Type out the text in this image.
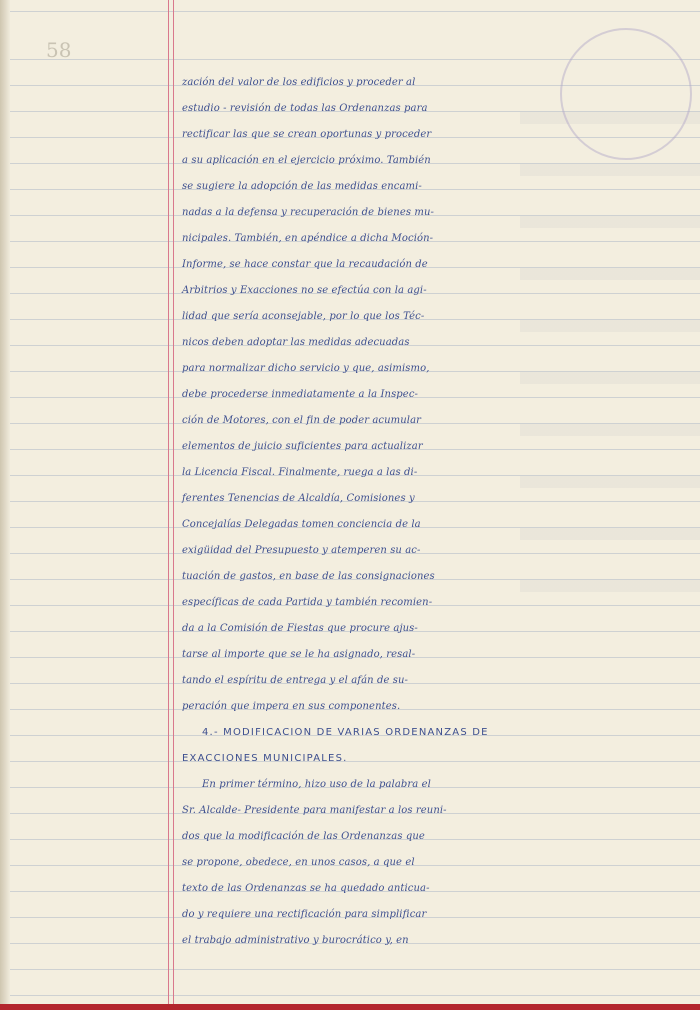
58
zación del valor de los edificios y proceder al
estudio - revisión de todas las Ordenanzas para
rectificar las que se crean oportunas y proceder
a su aplicación en el ejercicio próximo. También
se sugiere la adopción de las medidas encami-
nadas a la defensa y recuperación de bienes mu-
nicipales. También, en apéndice a dicha Moción-
Informe, se hace constar que la recaudación de
Arbitrios y Exacciones no se efectúa con la agi-
lidad que sería aconsejable, por lo que los Téc-
nicos deben adoptar las medidas adecuadas
para normalizar dicho servicio y que, asimismo,
debe procederse inmediatamente a la Inspec-
ción de Motores, con el fin de poder acumular
elementos de juicio suficientes para actualizar
la Licencia Fiscal. Finalmente, ruega a las di-
ferentes Tenencias de Alcaldía, Comisiones y
Concejalías Delegadas tomen conciencia de la
exigüidad del Presupuesto y atemperen su ac-
tuación de gastos, en base de las consignaciones
específicas de cada Partida y también recomien-
da a la Comisión de Fiestas que procure ajus-
tarse al importe que se le ha asignado, resal-
tando el espíritu de entrega y el afán de su-
peración que impera en sus componentes.
4.- MODIFICACION DE VARIAS ORDENANZAS DE
EXACCIONES MUNICIPALES.
En primer término, hizo uso de la palabra el
Sr. Alcalde- Presidente para manifestar a los reuni-
dos que la modificación de las Ordenanzas que
se propone, obedece, en unos casos, a que el
texto de las Ordenanzas se ha quedado anticua-
do y requiere una rectificación para simplificar
el trabajo administrativo y burocrático y, en
